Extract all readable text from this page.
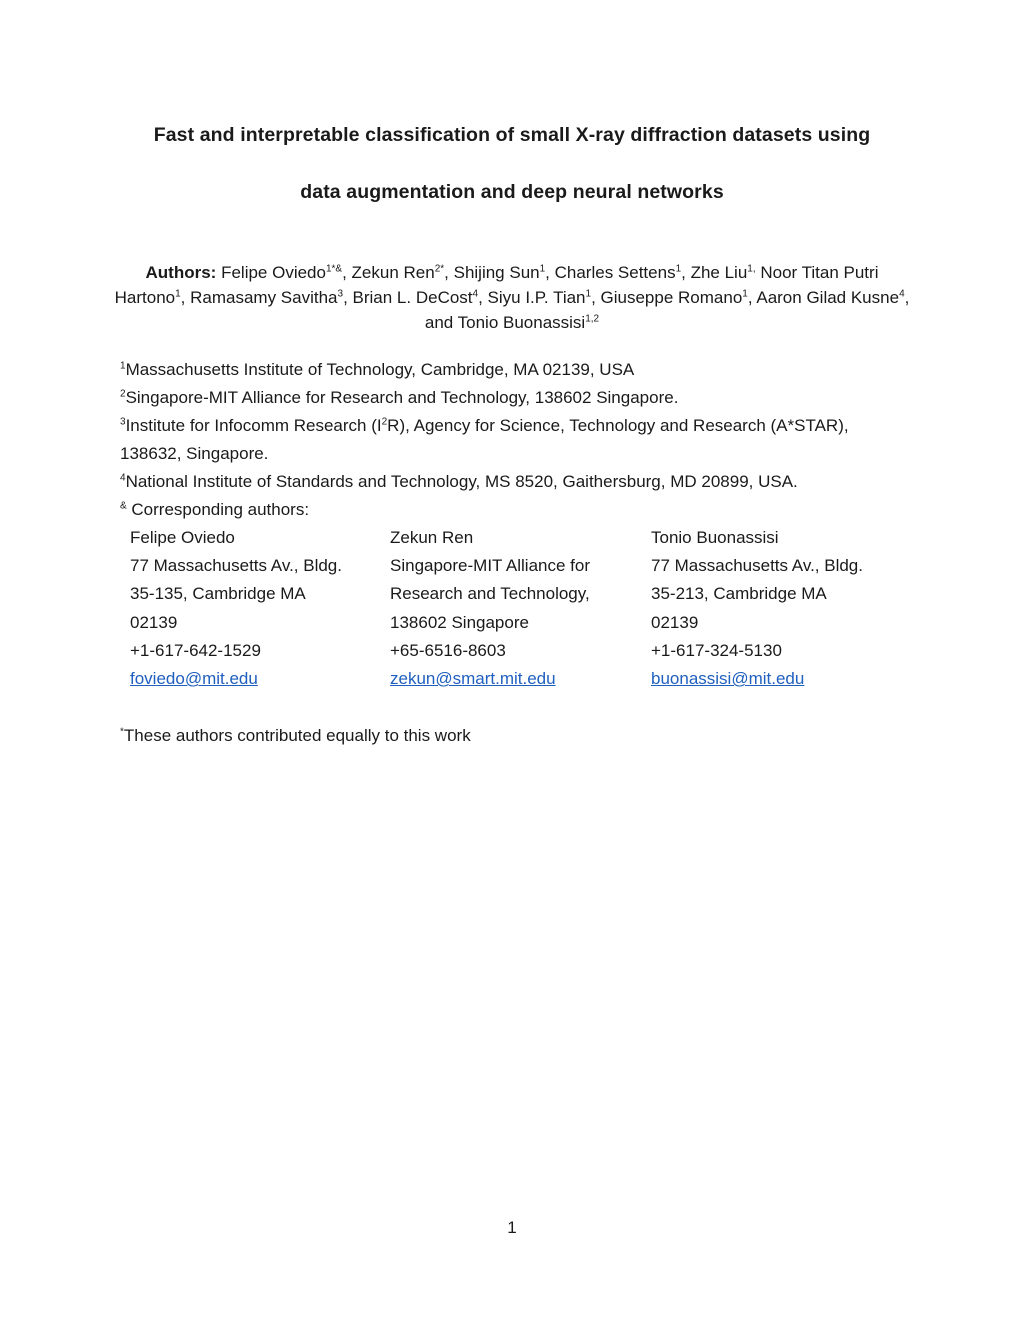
Fast and interpretable classification of small X-ray diffraction datasets using
data augmentation and deep neural networks
Authors: Felipe Oviedo$^{1*\&}$, Zekun Ren$^{2*}$, Shijing Sun$^1$, Charles Settens$^1$, Zhe Liu$^{1,}$ Noor Titan Putri Hartono$^1$, Ramasamy Savitha$^3$, Brian L. DeCost$^4$, Siyu I.P. Tian$^1$, Giuseppe Romano$^1$, Aaron Gilad Kusne$^4$, and Tonio Buonassisi$^{1,2}$
$^1$Massachusetts Institute of Technology, Cambridge, MA 02139, USA
$^2$Singapore-MIT Alliance for Research and Technology, 138602 Singapore.
$^3$Institute for Infocomm Research $(I^2R)$, Agency for Science, Technology and Research (A*STAR),
138632, Singapore.
$^4$National Institute of Standards and Technology, MS 8520, Gaithersburg, MD 20899, USA.
& Corresponding authors:
Felipe Oviedo
77 Massachusetts Av., Bldg.
35-135, Cambridge MA
02139
+1-617-642-1529
foviedo@mit.edu
Zekun Ren
Singapore-MIT Alliance for
Research and Technology,
138602 Singapore
+65-6516-8603
zekun@smart.mit.edu
Tonio Buonassisi
77 Massachusetts Av., Bldg.
35-213, Cambridge MA
02139
+1-617-324-5130
buonassisi@mit.edu
*These authors contributed equally to this work
1
